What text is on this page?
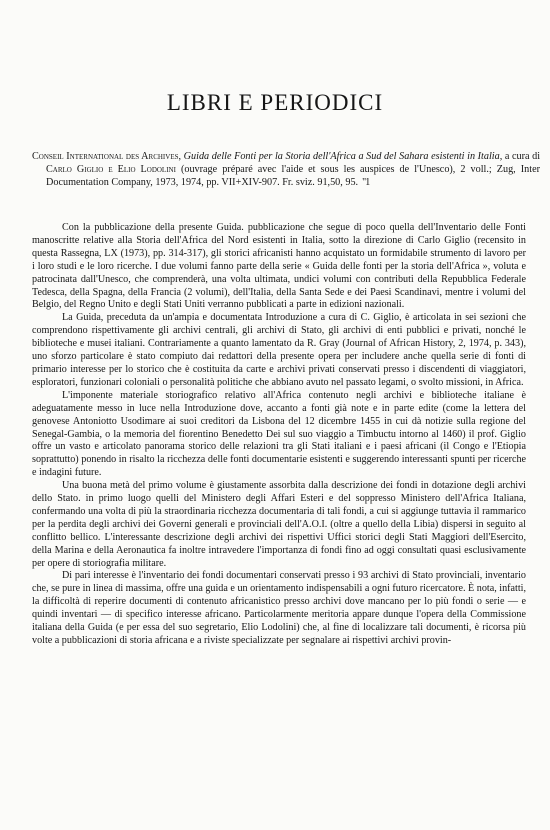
LIBRI E PERIODICI

Conseil International des Archives, Guida delle Fonti per la Storia dell'Africa a Sud del Sahara esistenti in Italia, a cura di Carlo Giglio e Elio Lodolini (ouvrage préparé avec l'aide et sous les auspices de l'Unesco), 2 voll.; Zug, Inter Documentation Company, 1973, 1974, pp. VII+XIV-907. Fr. sviz. 91,50, 95. "1

Con la pubblicazione della presente Guida. pubblicazione che segue di poco quella dell'Inventario delle Fonti manoscritte relative alla Storia dell'Africa del Nord esistenti in Italia, sotto la direzione di Carlo Giglio (recensito in questa Rassegna, LX (1973), pp. 314-317), gli storici africanisti hanno acquistato un formidabile strumento di lavoro per i loro studi e le loro ricerche. I due volumi fanno parte della serie « Guida delle fonti per la storia dell'Africa », voluta e patrocinata dall'Unesco, che comprenderà, una volta ultimata, undici volumi con contributi della Repubblica Federale Tedesca, della Spagna, della Francia (2 volumi), dell'Italia, della Santa Sede e dei Paesi Scandinavi, mentre i volumi del Belgio, del Regno Unito e degli Stati Uniti verranno pubblicati a parte in edizioni nazionali.

La Guida, preceduta da un'ampia e documentata Introduzione a cura di C. Giglio, è articolata in sei sezioni che comprendono rispettivamente gli archivi centrali, gli archivi di Stato, gli archivi di enti pubblici e privati, nonché le biblioteche e musei italiani. Contrariamente a quanto lamentato da R. Gray (Journal of African History, 2, 1974, p. 343), uno sforzo particolare è stato compiuto dai redattori della presente opera per includere anche quella serie di fonti di primario interesse per lo storico che è costituita da carte e archivi privati conservati presso i discendenti di viaggiatori, esploratori, funzionari coloniali o personalità politiche che abbiano avuto nel passato legami, o svolto missioni, in Africa.

L'imponente materiale storiografico relativo all'Africa contenuto negli archivi e biblioteche italiane è adeguatamente messo in luce nella Introduzione dove, accanto a fonti già note e in parte edite (come la lettera del genovese Antoniotto Usodimare ai suoi creditori da Lisbona del 12 dicembre 1455 in cui dà notizie sulla regione del Senegal-Gambia, o la memoria del fiorentino Benedetto Dei sul suo viaggio a Timbuctu intorno al 1460) il prof. Giglio offre un vasto e articolato panorama storico delle relazioni tra gli Stati italiani e i paesi africani (il Congo e l'Etiopia soprattutto) ponendo in risalto la ricchezza delle fonti documentarie esistenti e suggerendo interessanti spunti per ricerche e indagini future.

Una buona metà del primo volume è giustamente assorbita dalla descrizione dei fondi in dotazione degli archivi dello Stato. in primo luogo quelli del Ministero degli Affari Esteri e del soppresso Ministero dell'Africa Italiana, confermando una volta di più la straordinaria ricchezza documentaria di tali fondi, a cui si aggiunge tuttavia il rammarico per la perdita degli archivi dei Governi generali e provinciali dell'A.O.I. (oltre a quello della Libia) dispersi in seguito al conflitto bellico. L'interessante descrizione degli archivi dei rispettivi Uffici storici degli Stati Maggiori dell'Esercito, della Marina e della Aeronautica fa inoltre intravedere l'importanza di fondi fino ad oggi consultati quasi esclusivamente per opere di storiografia militare.

Di pari interesse è l'inventario dei fondi documentari conservati presso i 93 archivi di Stato provinciali, inventario che, se pure in linea di massima, offre una guida e un orientamento indispensabili a ogni futuro ricercatore. È nota, infatti, la difficoltà di reperire documenti di contenuto africanistico presso archivi dove mancano per lo più fondi o serie — e quindi inventari — di specifico interesse africano. Particolarmente meritoria appare dunque l'opera della Commissione italiana della Guida (e per essa del suo segretario, Elio Lodolini) che, al fine di localizzare tali documenti, è ricorsa più volte a pubblicazioni di storia africana e a riviste specializzate per segnalare ai rispettivi archivi provin-
